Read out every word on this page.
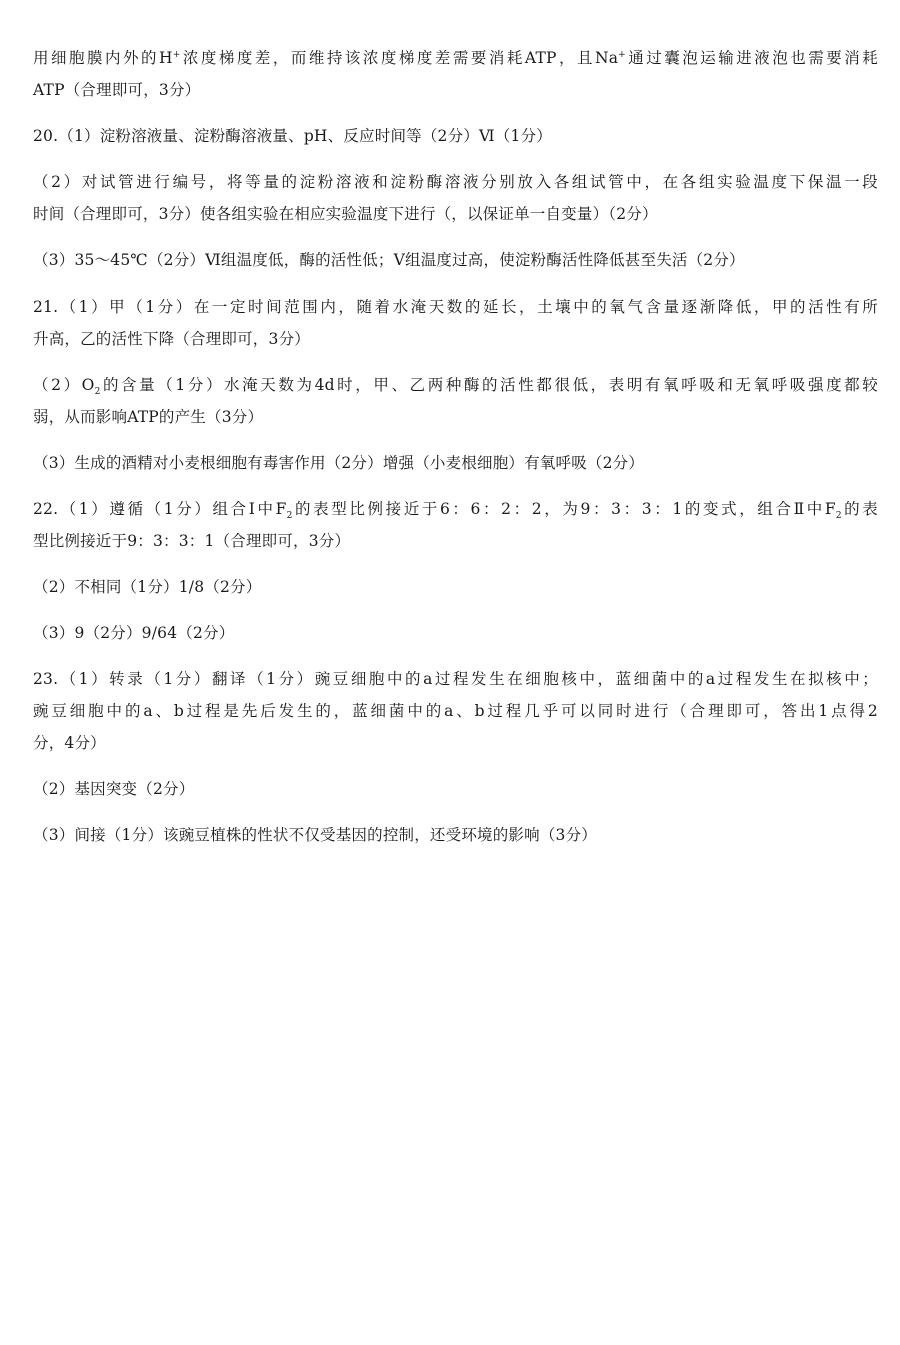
用细胞膜内外的H+浓度梯度差，而维持该浓度梯度差需要消耗ATP，且Na+通过囊泡运输进液泡也需要消耗
ATP（合理即可，3分）
20.（1）淀粉溶液量、淀粉酶溶液量、pH、反应时间等（2分）Ⅵ（1分）
（2）对试管进行编号，将等量的淀粉溶液和淀粉酶溶液分别放入各组试管中，在各组实验温度下保温一段
时间（合理即可，3分）使各组实验在相应实验温度下进行（，以保证单一自变量）（2分）
（3）35～45℃（2分）Ⅵ组温度低，酶的活性低；Ⅴ组温度过高，使淀粉酶活性降低甚至失活（2分）
21.（1）甲（1分）在一定时间范围内，随着水淹天数的延长，土壤中的氧气含量逐渐降低，甲的活性有所
升高，乙的活性下降（合理即可，3分）
$(2)O_2$的含量（1分）水淹天数为4d时，甲、乙两种酶的活性都很低，表明有氧呼吸和无氧呼吸强度都较
弱，从而影响ATP的产生（3分）
（3）生成的酒精对小麦根细胞有毒害作用（2分）增强（小麦根细胞）有氧呼吸（2分）
22.（1）遵循（1分）组合Ⅰ中$F_2$的表型比例接近于6：6：2：2，为9：3：3：1的变式，组合Ⅱ中$F_2$的表
型比例接近于9：3：3：1（合理即可，3分）
（2）不相同（1分）1/8（2分）
（3）9（2分）9/64（2分）
23.（1）转录（1分）翻译（1分）豌豆细胞中的a过程发生在细胞核中，蓝细菌中的a过程发生在拟核中；
豌豆细胞中的a、b过程是先后发生的，蓝细菌中的a、b过程几乎可以同时进行（合理即可，答出1点得2
分，4分）
（2）基因突变（2分）
（3）间接（1分）该豌豆植株的性状不仅受基因的控制，还受环境的影响（3分）
